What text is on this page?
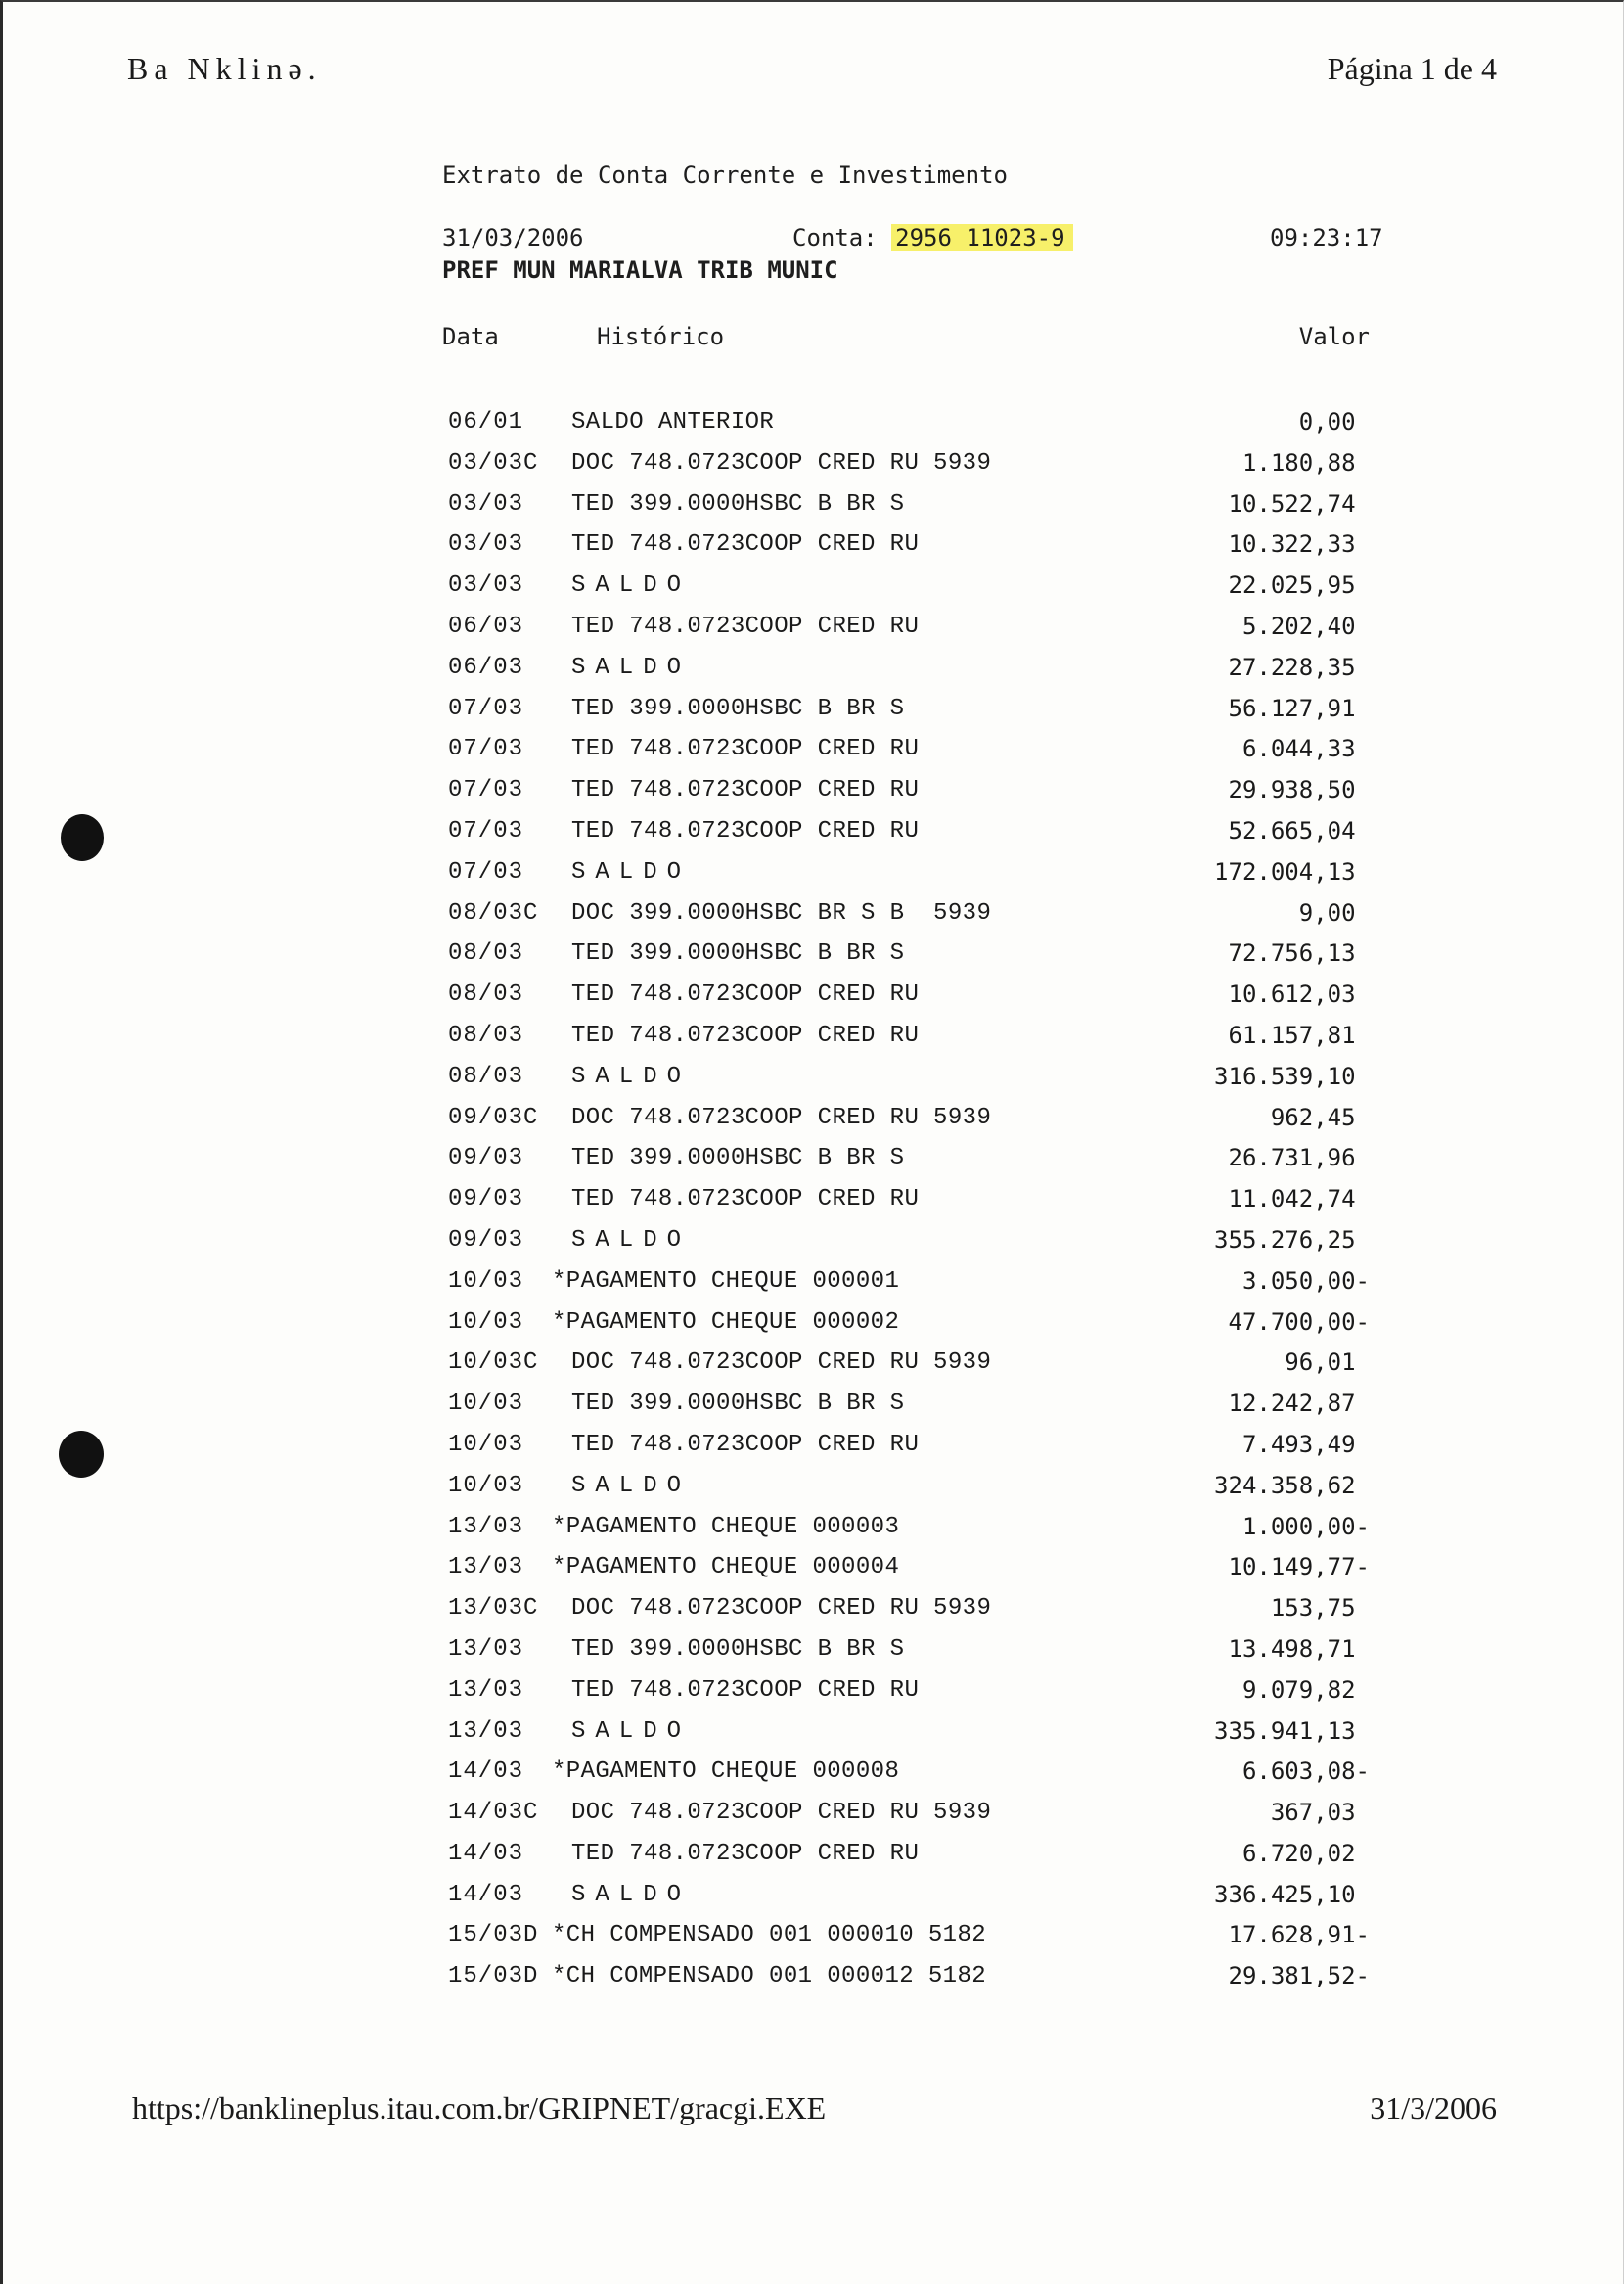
Ba Nklinə.	Página 1 de 4
Extrato de Conta Corrente e Investimento
31/03/2006	Conta: 2956 11023-9	09:23:17
PREF MUN MARIALVA TRIB MUNIC
Data	Histórico	Valor
06/01 SALDO ANTERIOR	0,00
03/03C DOC 748.0723COOP CRED RU 5939	1.180,88
03/03 TED 399.0000HSBC B BR S	10.522,74
03/03 TED 748.0723COOP CRED RU	10.322,33
03/03 SALDO	22.025,95
06/03 TED 748.0723COOP CRED RU	5.202,40
06/03 SALDO	27.228,35
07/03 TED 399.0000HSBC B BR S	56.127,91
07/03 TED 748.0723COOP CRED RU	6.044,33
07/03 TED 748.0723COOP CRED RU	29.938,50
07/03 TED 748.0723COOP CRED RU	52.665,04
07/03 SALDO	172.004,13
08/03C DOC 399.0000HSBC BR S B  5939	9,00
08/03 TED 399.0000HSBC B BR S	72.756,13
08/03 TED 748.0723COOP CRED RU	10.612,03
08/03 TED 748.0723COOP CRED RU	61.157,81
08/03 SALDO	316.539,10
09/03C DOC 748.0723COOP CRED RU 5939	962,45
09/03 TED 399.0000HSBC B BR S	26.731,96
09/03 TED 748.0723COOP CRED RU	11.042,74
09/03 SALDO	355.276,25
10/03 *PAGAMENTO CHEQUE 000001	3.050,00-
10/03 *PAGAMENTO CHEQUE 000002	47.700,00-
10/03C DOC 748.0723COOP CRED RU 5939	96,01
10/03 TED 399.0000HSBC B BR S	12.242,87
10/03 TED 748.0723COOP CRED RU	7.493,49
10/03 SALDO	324.358,62
13/03 *PAGAMENTO CHEQUE 000003	1.000,00-
13/03 *PAGAMENTO CHEQUE 000004	10.149,77-
13/03C DOC 748.0723COOP CRED RU 5939	153,75
13/03 TED 399.0000HSBC B BR S	13.498,71
13/03 TED 748.0723COOP CRED RU	9.079,82
13/03 SALDO	335.941,13
14/03 *PAGAMENTO CHEQUE 000008	6.603,08-
14/03C DOC 748.0723COOP CRED RU 5939	367,03
14/03 TED 748.0723COOP CRED RU	6.720,02
14/03 SALDO	336.425,10
15/03D *CH COMPENSADO 001 000010 5182	17.628,91-
15/03D *CH COMPENSADO 001 000012 5182	29.381,52-
https://banklineplus.itau.com.br/GRIPNET/gracgi.EXE	31/3/2006
